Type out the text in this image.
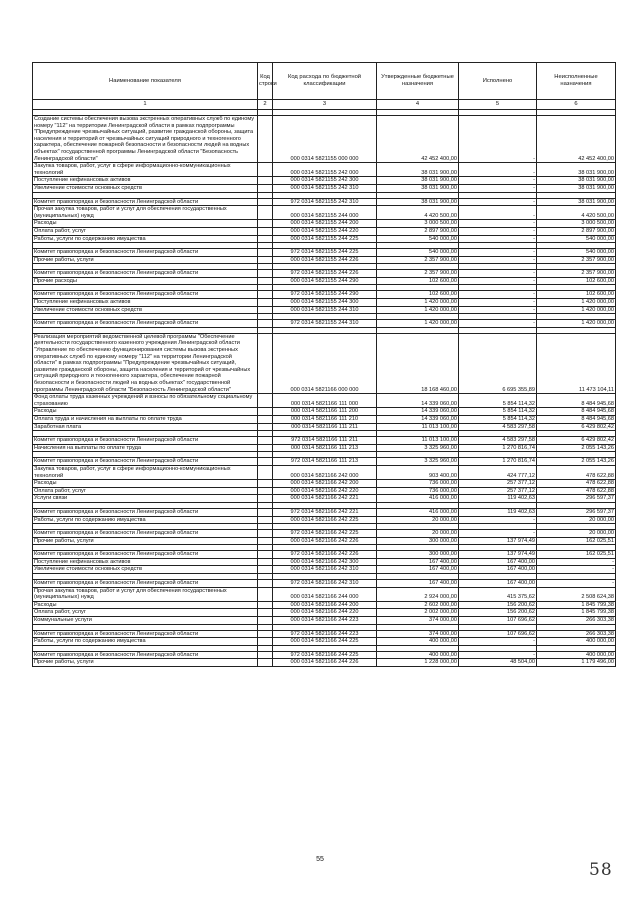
Наименование показателя	Код строки	Код расхода по бюджетной классификации	Утвержденные бюджетные назначения	Исполнено	Неисполненные назначения
1	2	3	4	5	6

Создание системы обеспечения вызова экстренных оперативных служб по единому номеру "112" на территории Ленинградской области в рамках подпрограммы "Предупреждение чрезвычайных ситуаций, развитие гражданской обороны, защита населения и территорий от чрезвычайных ситуаций природного и техногенного характера, обеспечение пожарной безопасности и безопасности людей на водных объектах" государственной программы Ленинградской области "Безопасность Ленинградской области"		000 0314 5821155 000 000	42 452 400,00	-	42 452 400,00
Закупка товаров, работ, услуг в сфере информационно-коммуникационных технологий		000 0314 5821155 242 000	38 031 900,00	-	38 031 900,00
Поступление нефинансовых активов		000 0314 5821155 242 300	38 031 900,00	-	38 031 900,00
Увеличение стоимости основных средств		000 0314 5821155 242 310	38 031 900,00	-	38 031 900,00

Комитет правопорядка и безопасности Ленинградской области		972 0314 5821155 242 310	38 031 900,00	-	38 031 900,00
Прочая закупка товаров, работ и услуг для обеспечения государственных (муниципальных) нужд		000 0314 5821155 244 000	4 420 500,00	-	4 420 500,00
Расходы		000 0314 5821155 244 200	3 000 500,00	-	3 000 500,00
Оплата работ, услуг		000 0314 5821155 244 220	2 897 900,00	-	2 897 900,00
Работы, услуги по содержанию имущества		000 0314 5821155 244 225	540 000,00	-	540 000,00

Комитет правопорядка и безопасности Ленинградской области		972 0314 5821155 244 225	540 000,00	-	540 000,00
Прочие работы, услуги		000 0314 5821155 244 226	2 357 900,00	-	2 357 900,00

Комитет правопорядка и безопасности Ленинградской области		972 0314 5821155 244 226	2 357 900,00	-	2 357 900,00
Прочие расходы		000 0314 5821155 244 290	102 600,00	-	102 600,00

Комитет правопорядка и безопасности Ленинградской области		972 0314 5821155 244 290	102 600,00	-	102 600,00
Поступление нефинансовых активов		000 0314 5821155 244 300	1 420 000,00	-	1 420 000,00
Увеличение стоимости основных средств		000 0314 5821155 244 310	1 420 000,00	-	1 420 000,00

Комитет правопорядка и безопасности Ленинградской области		972 0314 5821155 244 310	1 420 000,00	-	1 420 000,00

Реализация мероприятий ведомственной целевой программы "Обеспечение деятельности государственного казенного учреждения Ленинградской области "Управление по обеспечению функционирования системы вызова экстренных оперативных служб по единому номеру "112" на территории Ленинградской области" в рамках подпрограммы "Предупреждение чрезвычайных ситуаций, развитие гражданской обороны, защита населения и территорий от чрезвычайных ситуаций природного и техногенного характера, обеспечение пожарной безопасности и безопасности людей на водных объектах" государственной программы Ленинградской области "Безопасность Ленинградской области"		000 0314 5821166 000 000	18 168 460,00	6 695 355,89	11 473 104,11
Фонд оплаты труда казенных учреждений и взносы по обязательному социальному страхованию		000 0314 5821166 111 000	14 339 060,00	5 854 114,32	8 484 945,68
Расходы		000 0314 5821166 111 200	14 339 060,00	5 854 114,32	8 484 945,68
Оплата труда и начисления на выплаты по оплате труда		000 0314 5821166 111 210	14 339 060,00	5 854 114,32	8 484 945,68
Заработная плата		000 0314 5821166 111 211	11 013 100,00	4 583 297,58	6 429 802,42

Комитет правопорядка и безопасности Ленинградской области		972 0314 5821166 111 211	11 013 100,00	4 583 297,58	6 429 802,42
Начисления на выплаты по оплате труда		000 0314 5821166 111 213	3 325 960,00	1 270 816,74	2 055 143,26

Комитет правопорядка и безопасности Ленинградской области		972 0314 5821166 111 213	3 325 960,00	1 270 816,74	2 055 143,26
Закупка товаров, работ, услуг в сфере информационно-коммуникационных технологий		000 0314 5821166 242 000	903 400,00	424 777,12	478 622,88
Расходы		000 0314 5821166 242 200	736 000,00	257 377,12	478 622,88
Оплата работ, услуг		000 0314 5821166 242 220	736 000,00	257 377,12	478 622,88
Услуги связи		000 0314 5821166 242 221	416 000,00	119 402,63	296 597,37

Комитет правопорядка и безопасности Ленинградской области		972 0314 5821166 242 221	416 000,00	119 402,63	296 597,37
Работы, услуги по содержанию имущества		000 0314 5821166 242 225	20 000,00	-	20 000,00

Комитет правопорядка и безопасности Ленинградской области		972 0314 5821166 242 225	20 000,00	-	20 000,00
Прочие работы, услуги		000 0314 5821166 242 226	300 000,00	137 974,49	162 025,51

Комитет правопорядка и безопасности Ленинградской области		972 0314 5821166 242 226	300 000,00	137 974,49	162 025,51
Поступление нефинансовых активов		000 0314 5821166 242 300	167 400,00	167 400,00	-
Увеличение стоимости основных средств		000 0314 5821166 242 310	167 400,00	167 400,00	-

Комитет правопорядка и безопасности Ленинградской области		972 0314 5821166 242 310	167 400,00	167 400,00	-
Прочая закупка товаров, работ и услуг для обеспечения государственных (муниципальных) нужд		000 0314 5821166 244 000	2 924 000,00	415 375,62	2 508 624,38
Расходы		000 0314 5821166 244 200	2 602 000,00	156 200,62	1 845 799,38
Оплата работ, услуг		000 0314 5821166 244 220	2 002 000,00	156 200,62	1 845 799,38
Коммунальные услуги		000 0314 5821166 244 223	374 000,00	107 696,62	266 303,38

Комитет правопорядка и безопасности Ленинградской области		972 0314 5821166 244 223	374 000,00	107 696,62	266 303,38
Работы, услуги по содержанию имущества		000 0314 5821166 244 225	400 000,00	-	400 000,00

Комитет правопорядка и безопасности Ленинградской области		972 0314 5821166 244 225	400 000,00	-	400 000,00
Прочие работы, услуги		000 0314 5821166 244 226	1 228 000,00	48 504,00	1 179 496,00
55
58
